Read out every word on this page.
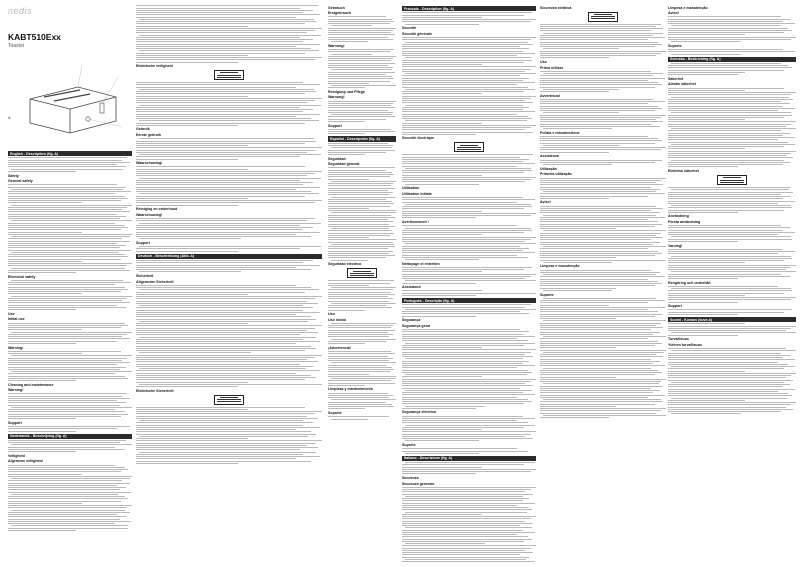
nedis
KABT510Exx
Toaster
A
English - Description (fig. A)
Safety
General safety
Electrical safety
Use
Initial use
Warning!
Cleaning and maintenance
Warning!
Support
Nederlands - Beschrijving (fig. A)
Veiligheid
Algemene veiligheid
Elektrische veiligheid
Gebruik
Eerste gebruik
Waarschuwing!
Reiniging en onderhoud
Waarschuwing!
Support
Deutsch - Beschreibung (Abb. A)
Sicherheit
Allgemeine Sicherheit
Elektrische Sicherheit
Gebrauch
Erstgebrauch
Warnung!
Reinigung und Pflege
Warnung!
Support
Español - Descripción (fig. A)
Seguridad
Seguridad general
Seguridad eléctrica
Uso
Uso inicial
¡Advertencia!
Limpieza y mantenimiento
Soporte
Français - Description (fig. A)
Sécurité
Sécurité générale
Sécurité électrique
Utilisation
Utilisation initiale
Avertissement !
Nettoyage et entretien
Assistance
Português - Descrição (fig. A)
Segurança
Segurança geral
Segurança eléctrica
Suporte
Italiano - Descrizione (fig. A)
Sicurezza
Sicurezza generale
Sicurezza elettrica
Uso
Primo utilizzo
Avvertenza!
Pulizia e manutenzione
Assistenza
Utilização
Primeira utilização
Aviso!
Limpeza e manutenção
Suporte
Limpeza e manutenção
Aviso!
Suporte
Svenska - Beskrivning (fig. A)
Säkerhet
Allmän säkerhet
Elektrisk säkerhet
Användning
Första användning
Varning!
Rengöring och underhåll
Support
Suomi - Kuvaus (kuva A)
Turvallisuus
Yleinen turvallisuus
